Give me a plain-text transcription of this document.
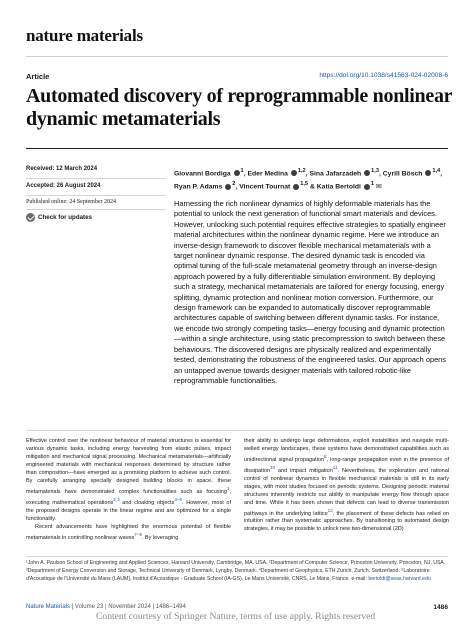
nature materials
Article	https://doi.org/10.1038/s41563-024-02008-6
Automated discovery of reprogrammable nonlinear dynamic metamaterials
Received: 12 March 2024
Accepted: 26 August 2024
Published online: 24 September 2024
Check for updates
Giovanni Bordiga $^1$, Eder Medina $^{1,2}$, Sina Jafarzadeh $^{1,3}$, Cyrill Bösch $^{1,4}$, Ryan P. Adams $^2$, Vincent Tournat $^{1,5}$ & Katia Bertoldi $^1$ ✉
Harnessing the rich nonlinear dynamics of highly deformable materials has the potential to unlock the next generation of functional smart materials and devices. However, unlocking such potential requires effective strategies to spatially engineer material architectures within the nonlinear dynamic regime. Here we introduce an inverse-design framework to discover flexible mechanical metamaterials with a target nonlinear dynamic response. The desired dynamic task is encoded via optimal tuning of the full-scale metamaterial geometry through an inverse-design approach powered by a fully differentiable simulation environment. By deploying such a strategy, mechanical metamaterials are tailored for energy focusing, energy splitting, dynamic protection and nonlinear motion conversion. Furthermore, our design framework can be expanded to automatically discover reprogrammable architectures capable of switching between different dynamic tasks. For instance, we encode two strongly competing tasks—energy focusing and dynamic protection—within a single architecture, using static precompression to switch between these behaviours. The discovered designs are physically realized and experimentally tested, demonstrating the robustness of the engineered tasks. Our approach opens an untapped avenue towards designer materials with tailored robotic-like reprogrammable functionalities.

Effective control over the nonlinear behaviour of material structures is essential for various dynamic tasks, including energy harvesting from elastic pulses, impact mitigation and mechanical signal processing. Mechanical metamaterials—artificially engineered materials with mechanical responses determined by structure rather than composition—have emerged as a promising platform to achieve such control. By carefully arranging specially designed building blocks in space, these metamaterials have demonstrated complex functionalities such as focusing$^1$, executing mathematical operations$^{2,3}$ and cloaking objects$^{4-6}$. However, most of the proposed designs operate in the linear regime and are optimized for a single functionality.

Recent advancements have highlighted the enormous potential of flexible metamaterials in controlling nonlinear waves$^{7-9}$. By leveraging

their ability to undergo large deformations, exploit instabilities and navigate multi-welled energy landscapes, these systems have demonstrated capabilities such as unidirectional signal propagation$^8$, long-range propagation even in the presence of dissipation$^{10}$ and impact mitigation$^{11}$. Nevertheless, the exploration and rational control of nonlinear dynamics in flexible mechanical materials is still in its early stages, with most studies focused on periodic systems. Designing periodic material structures inherently restricts our ability to manipulate energy flow through space and time. While it has been shown that defects can lead to diverse transmission pathways in the underlying lattice$^{12}$, the placement of these defects has relied on intuition rather than systematic approaches. By transitioning to automated design strategies, it may be possible to unlock new two-dimensional (2D)

¹John A. Paulson School of Engineering and Applied Sciences, Harvard University, Cambridge, MA, USA. ²Department of Computer Science, Princeton University, Princeton, NJ, USA. ³Department of Energy Conversion and Storage, Technical University of Denmark, Lyngby, Denmark. ⁴Department of Geophysics, ETH Zurich, Zurich, Switzerland. ⁵Laboratoire d'Acoustique de l'Université du Mans (LAUM), Institut d'Acoustique - Graduate School (IA-GS), Le Mans Université, CNRS, Le Mans, France. e-mail: bertoldi@seas.harvard.edu
Nature Materials | Volume 23 | November 2024 | 1486–1494	1486
Content courtesy of Springer Nature, terms of use apply. Rights reserved
